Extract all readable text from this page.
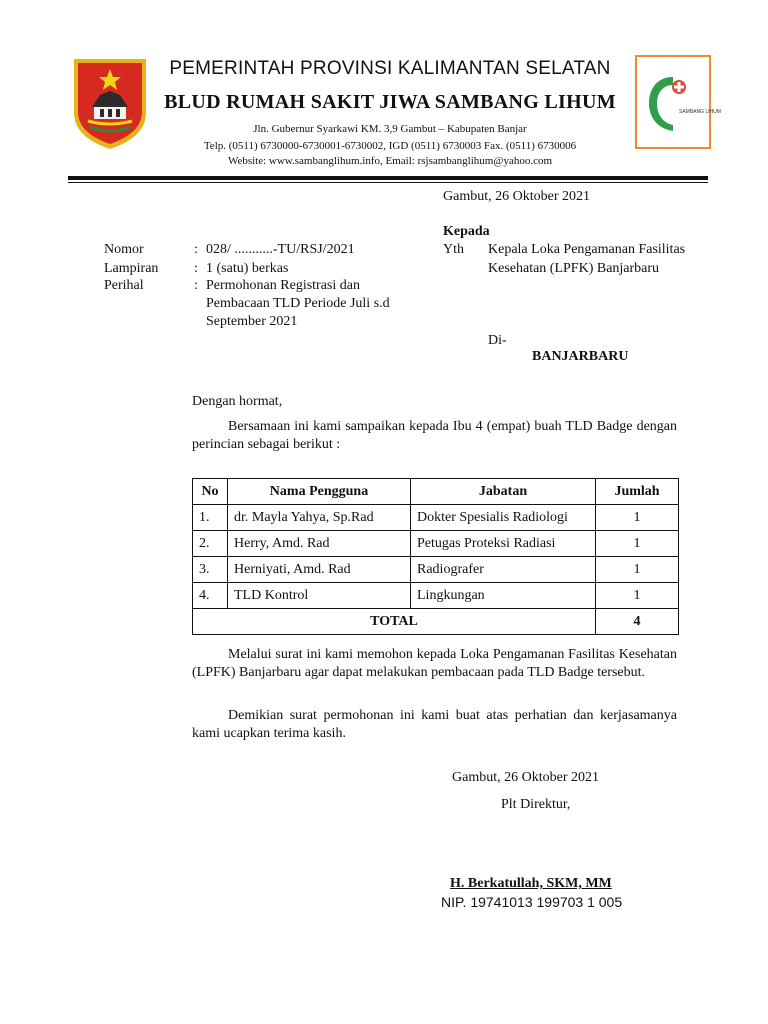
SAMBANG LIHUM
PEMERINTAH PROVINSI KALIMANTAN SELATAN
BLUD RUMAH SAKIT JIWA SAMBANG LIHUM
Jln. Gubernur Syarkawi KM. 3,9 Gambut – Kabupaten Banjar
Telp. (0511) 6730000-6730001-6730002, IGD (0511) 6730003 Fax. (0511) 6730006
Website: www.sambanglihum.info, Email: rsjsambanglihum@yahoo.com
Gambut, 26 Oktober 2021
Kepada
Yth Kepala Loka Pengamanan Fasilitas
Kesehatan (LPFK) Banjarbaru
Di-
BANJARBARU
Nomor	: 028/ ...........-TU/RSJ/2021
Lampiran	: 1 (satu) berkas
Perihal	: Permohonan Registrasi dan
Pembacaan TLD Periode Juli s.d
September 2021
Dengan hormat,
Bersamaan ini kami sampaikan kepada Ibu 4 (empat) buah TLD Badge dengan perincian sebagai berikut :
No	Nama Pengguna	Jabatan	Jumlah
1.	dr. Mayla Yahya, Sp.Rad	Dokter Spesialis Radiologi	1
2.	Herry, Amd. Rad	Petugas Proteksi Radiasi	1
3.	Herniyati, Amd. Rad	Radiografer	1
4.	TLD Kontrol	Lingkungan	1
TOTAL			4
Melalui surat ini kami memohon kepada Loka Pengamanan Fasilitas Kesehatan (LPFK) Banjarbaru agar dapat melakukan pembacaan pada TLD Badge tersebut.
Demikian surat permohonan ini kami buat atas perhatian dan kerjasamanya kami ucapkan terima kasih.
Gambut, 26 Oktober 2021
Plt Direktur,
H. Berkatullah, SKM, MM
NIP. 19741013 199703 1 005
